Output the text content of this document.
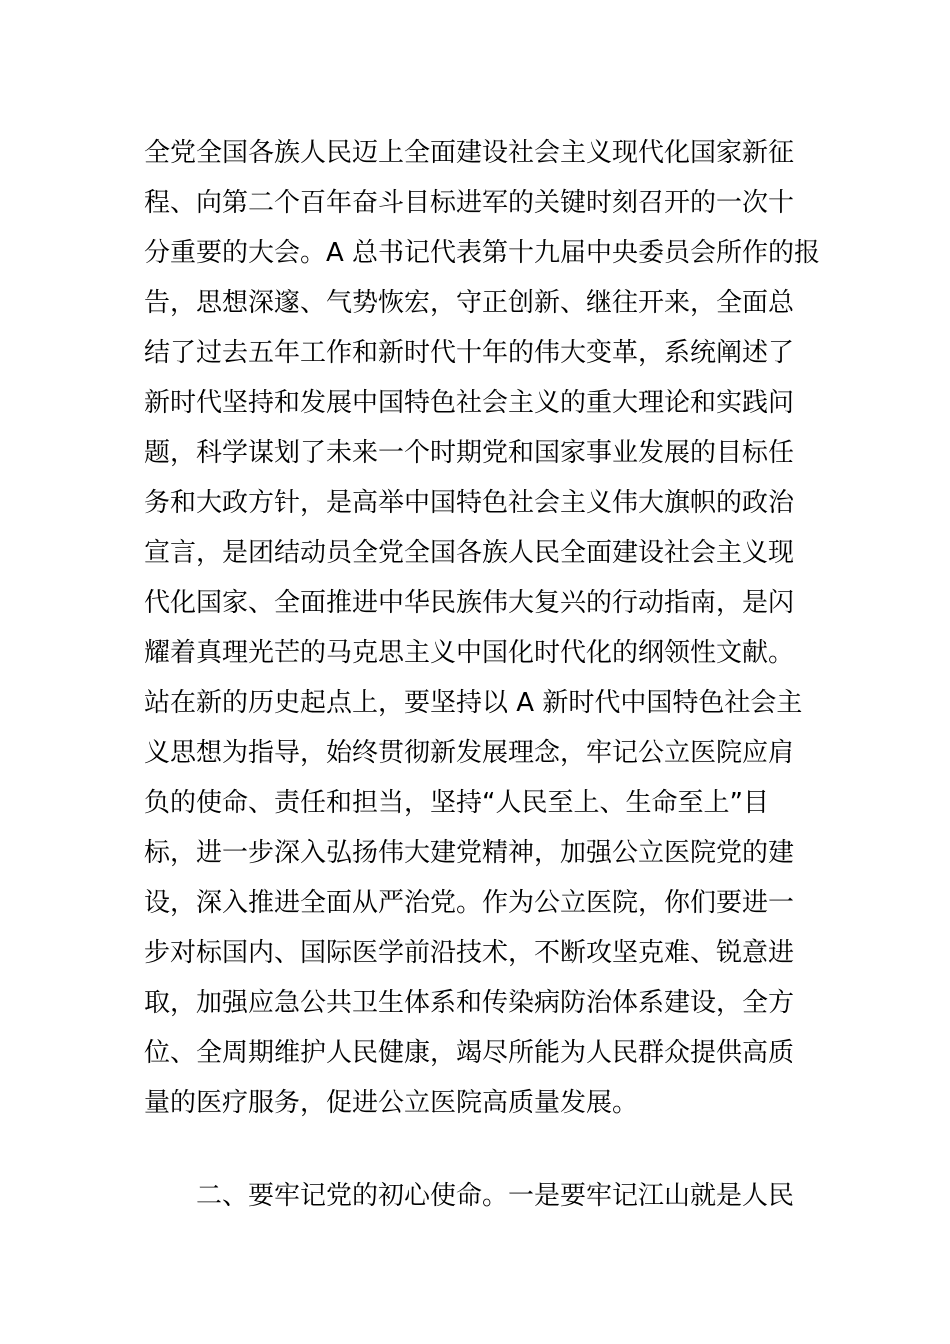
全党全国各族人民迈上全面建设社会主义现代化国家新征
程、向第二个百年奋斗目标进军的关键时刻召开的一次十
分重要的大会。A 总书记代表第十九届中央委员会所作的报
告，思想深邃、气势恢宏，守正创新、继往开来，全面总
结了过去五年工作和新时代十年的伟大变革，系统阐述了
新时代坚持和发展中国特色社会主义的重大理论和实践问
题，科学谋划了未来一个时期党和国家事业发展的目标任
务和大政方针，是高举中国特色社会主义伟大旗帜的政治
宣言，是团结动员全党全国各族人民全面建设社会主义现
代化国家、全面推进中华民族伟大复兴的行动指南，是闪
耀着真理光芒的马克思主义中国化时代化的纲领性文献。
站在新的历史起点上，要坚持以 A 新时代中国特色社会主
义思想为指导，始终贯彻新发展理念，牢记公立医院应肩
负的使命、责任和担当，坚持“人民至上、生命至上”目
标，进一步深入弘扬伟大建党精神，加强公立医院党的建
设，深入推进全面从严治党。作为公立医院，你们要进一
步对标国内、国际医学前沿技术，不断攻坚克难、锐意进
取，加强应急公共卫生体系和传染病防治体系建设，全方
位、全周期维护人民健康，竭尽所能为人民群众提供高质
量的医疗服务，促进公立医院高质量发展。
二、要牢记党的初心使命。一是要牢记江山就是人民
